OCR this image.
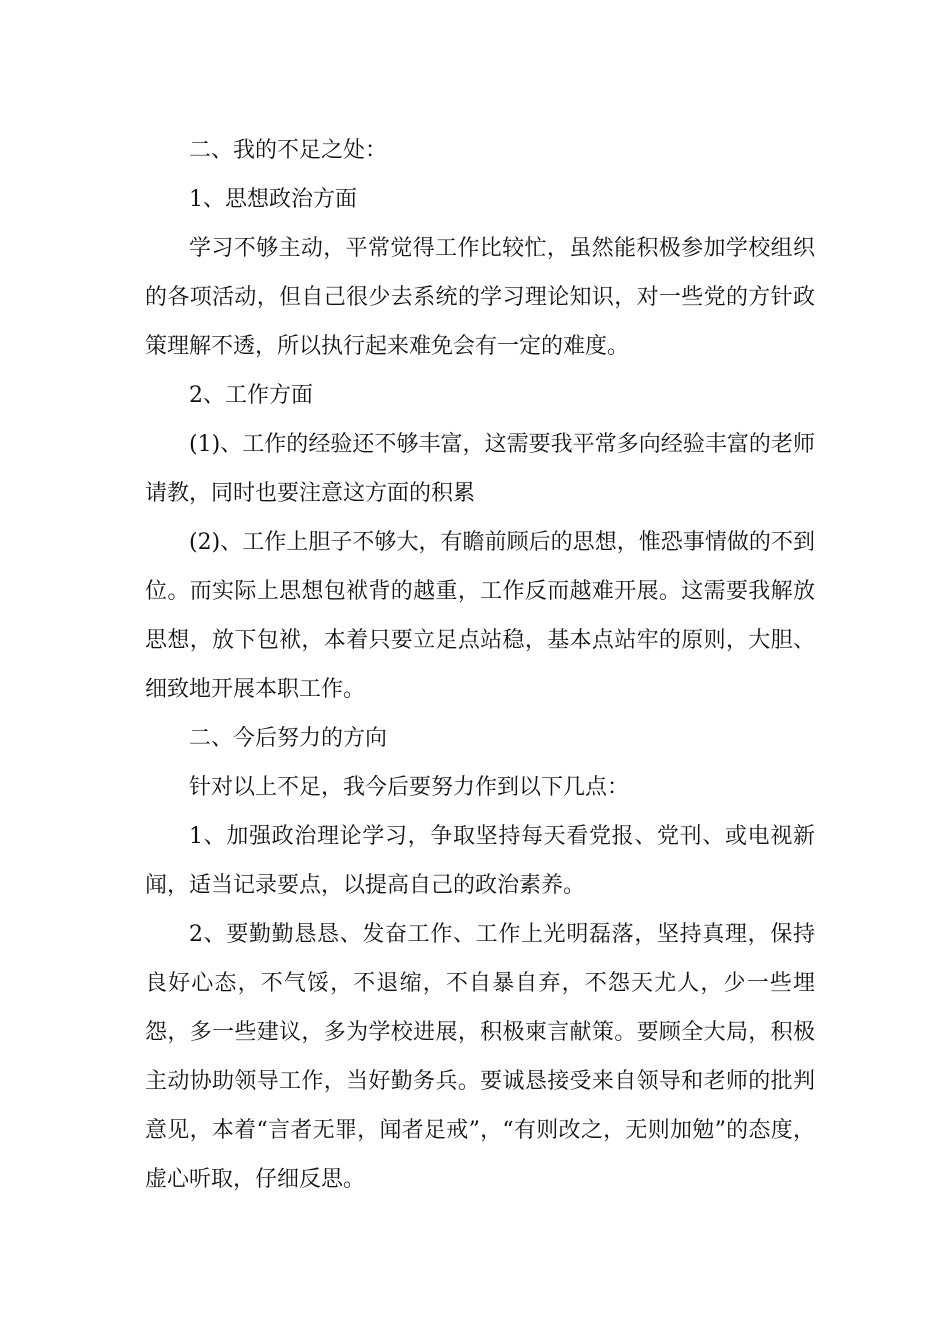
二、我的不足之处：

1、思想政治方面

学习不够主动，平常觉得工作比较忙，虽然能积极参加学校组织的各项活动，但自己很少去系统的学习理论知识，对一些党的方针政策理解不透，所以执行起来难免会有一定的难度。

2、工作方面

(1)、工作的经验还不够丰富，这需要我平常多向经验丰富的老师请教，同时也要注意这方面的积累

(2)、工作上胆子不够大，有瞻前顾后的思想，惟恐事情做的不到位。而实际上思想包袱背的越重，工作反而越难开展。这需要我解放思想，放下包袱，本着只要立足点站稳，基本点站牢的原则，大胆、细致地开展本职工作。

二、今后努力的方向

针对以上不足，我今后要努力作到以下几点：

1、加强政治理论学习，争取坚持每天看党报、党刊、或电视新闻，适当记录要点，以提高自己的政治素养。

2、要勤勤恳恳、发奋工作、工作上光明磊落，坚持真理，保持良好心态，不气馁，不退缩，不自暴自弃，不怨天尤人，少一些埋怨，多一些建议，多为学校进展，积极柬言献策。要顾全大局，积极主动协助领导工作，当好勤务兵。要诚恳接受来自领导和老师的批判意见，本着“言者无罪，闻者足戒”，“有则改之，无则加勉”的态度，虚心听取，仔细反思。
